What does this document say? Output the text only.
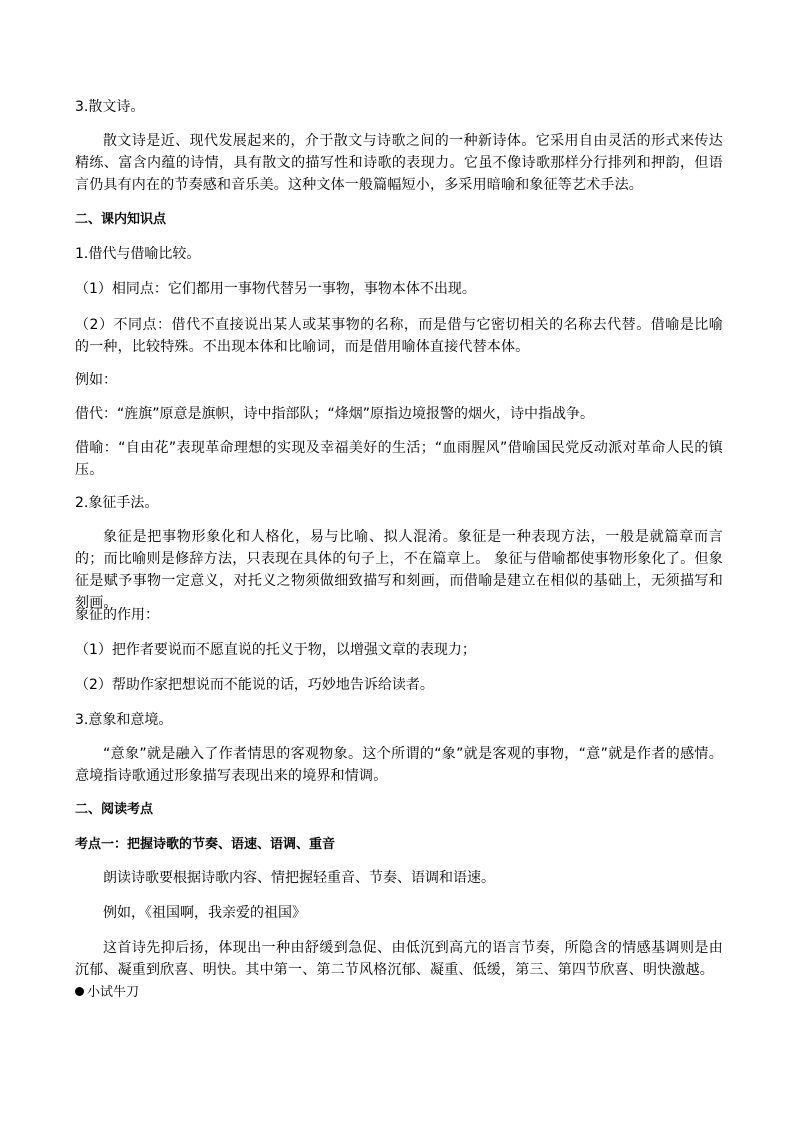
3.散文诗。
散文诗是近、现代发展起来的，介于散文与诗歌之间的一种新诗体。它采用自由灵活的形式来传达精练、富含内蕴的诗情，具有散文的描写性和诗歌的表现力。它虽不像诗歌那样分行排列和押韵，但语言仍具有内在的节奏感和音乐美。这种文体一般篇幅短小，多采用暗喻和象征等艺术手法。
二、课内知识点
1.借代与借喻比较。
（1）相同点：它们都用一事物代替另一事物，事物本体不出现。
（2）不同点：借代不直接说出某人或某事物的名称，而是借与它密切相关的名称去代替。借喻是比喻的一种，比较特殊。不出现本体和比喻词，而是借用喻体直接代替本体。
例如：
借代：“旌旗”原意是旗帜，诗中指部队；“烽烟”原指边境报警的烟火，诗中指战争。
借喻：“自由花”表现革命理想的实现及幸福美好的生活；“血雨腥风”借喻国民党反动派对革命人民的镇压。
2.象征手法。
象征是把事物形象化和人格化，易与比喻、拟人混淆。象征是一种表现方法，一般是就篇章而言的；而比喻则是修辞方法，只表现在具体的句子上，不在篇章上。 象征与借喻都使事物形象化了。但象征是赋予事物一定意义，对托义之物须做细致描写和刻画，而借喻是建立在相似的基础上，无须描写和刻画。
象征的作用：
（1）把作者要说而不愿直说的托义于物，以增强文章的表现力；
（2）帮助作家把想说而不能说的话，巧妙地告诉给读者。
3.意象和意境。
“意象”就是融入了作者情思的客观物象。这个所谓的“象”就是客观的事物，“意”就是作者的感情。意境指诗歌通过形象描写表现出来的境界和情调。
二、阅读考点
考点一：把握诗歌的节奏、语速、语调、重音
朗读诗歌要根据诗歌内容、情把握轻重音、节奏、语调和语速。
例如，《祖国啊，我亲爱的祖国》
这首诗先抑后扬，体现出一种由舒缓到急促、由低沉到高亢的语言节奏，所隐含的情感基调则是由沉郁、凝重到欣喜、明快。其中第一、第二节风格沉郁、凝重、低缓，第三、第四节欣喜、明快激越。
小试牛刀
